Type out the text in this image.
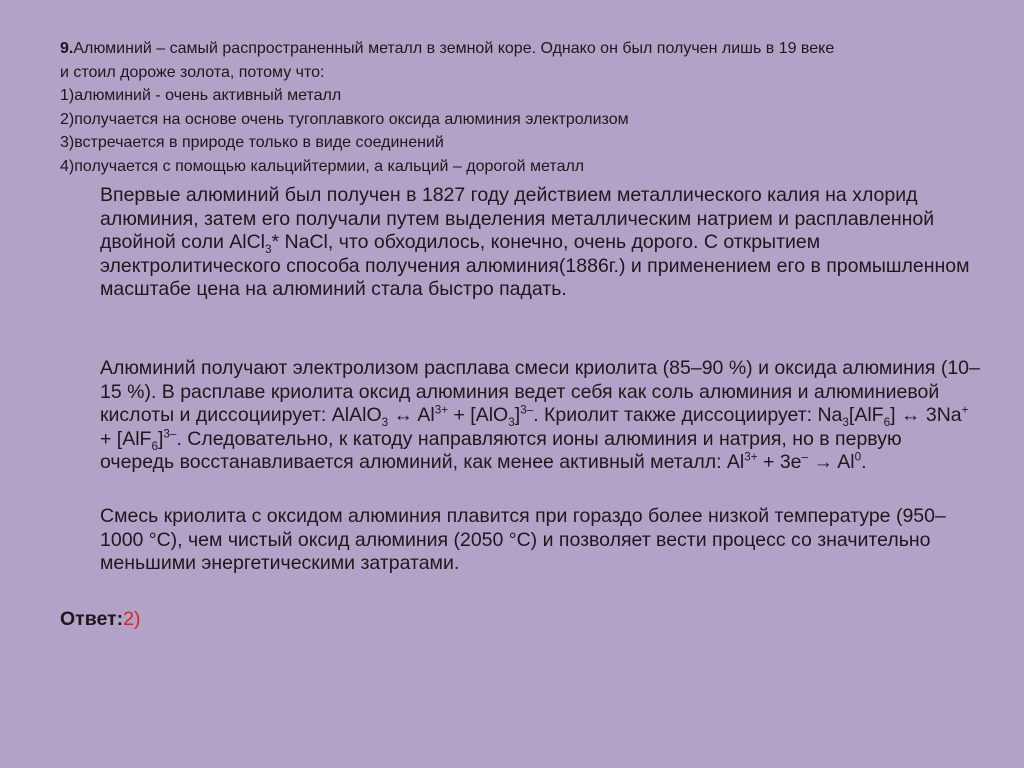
9.Алюминий – самый распространенный металл в земной коре. Однако он был получен лишь в 19 веке

и стоил дороже золота, потому что:

1)алюминий - очень активный металл

2)получается на основе очень тугоплавкого оксида алюминия электролизом

3)встречается в природе только в виде соединений

4)получается с помощью кальцийтермии, а кальций – дорогой металл

Впервые алюминий был получен в 1827 году действием металлического калия на хлорид алюминия, затем его получали путем выделения металлическим натрием и расплавленной двойной соли AlCl$_3$* NaCl, что обходилось, конечно, очень дорого. С открытием электролитического способа получения алюминия(1886г.) и применением его в промышленном масштабе цена на алюминий стала быстро падать.

Алюминий получают электролизом расплава смеси криолита (85–90 %) и оксида алюминия (10–15 %). В расплаве криолита оксид алюминия ведет себя как соль алюминия и алюминиевой кислоты и диссоциирует: AlAlO$_3$ ↔ $Al^{3+} + [AlO_3]^{3-}$. Криолит также диссоциирует: $Na_3[AlF_6]$ ↔ $3Na^+ + [AlF_6]^{3-}$. Следовательно, к катоду направляются ионы алюминия и натрия, но в первую очередь восстанавливается алюминий, как менее активный металл: $Al^{3+} + 3e^- \to Al^0$.

Смесь криолита с оксидом алюминия плавится при гораздо более низкой температуре (950–1000 °С), чем чистый оксид алюминия (2050 °С) и позволяет вести процесс со значительно меньшими энергетическими затратами.

Ответ:2)
